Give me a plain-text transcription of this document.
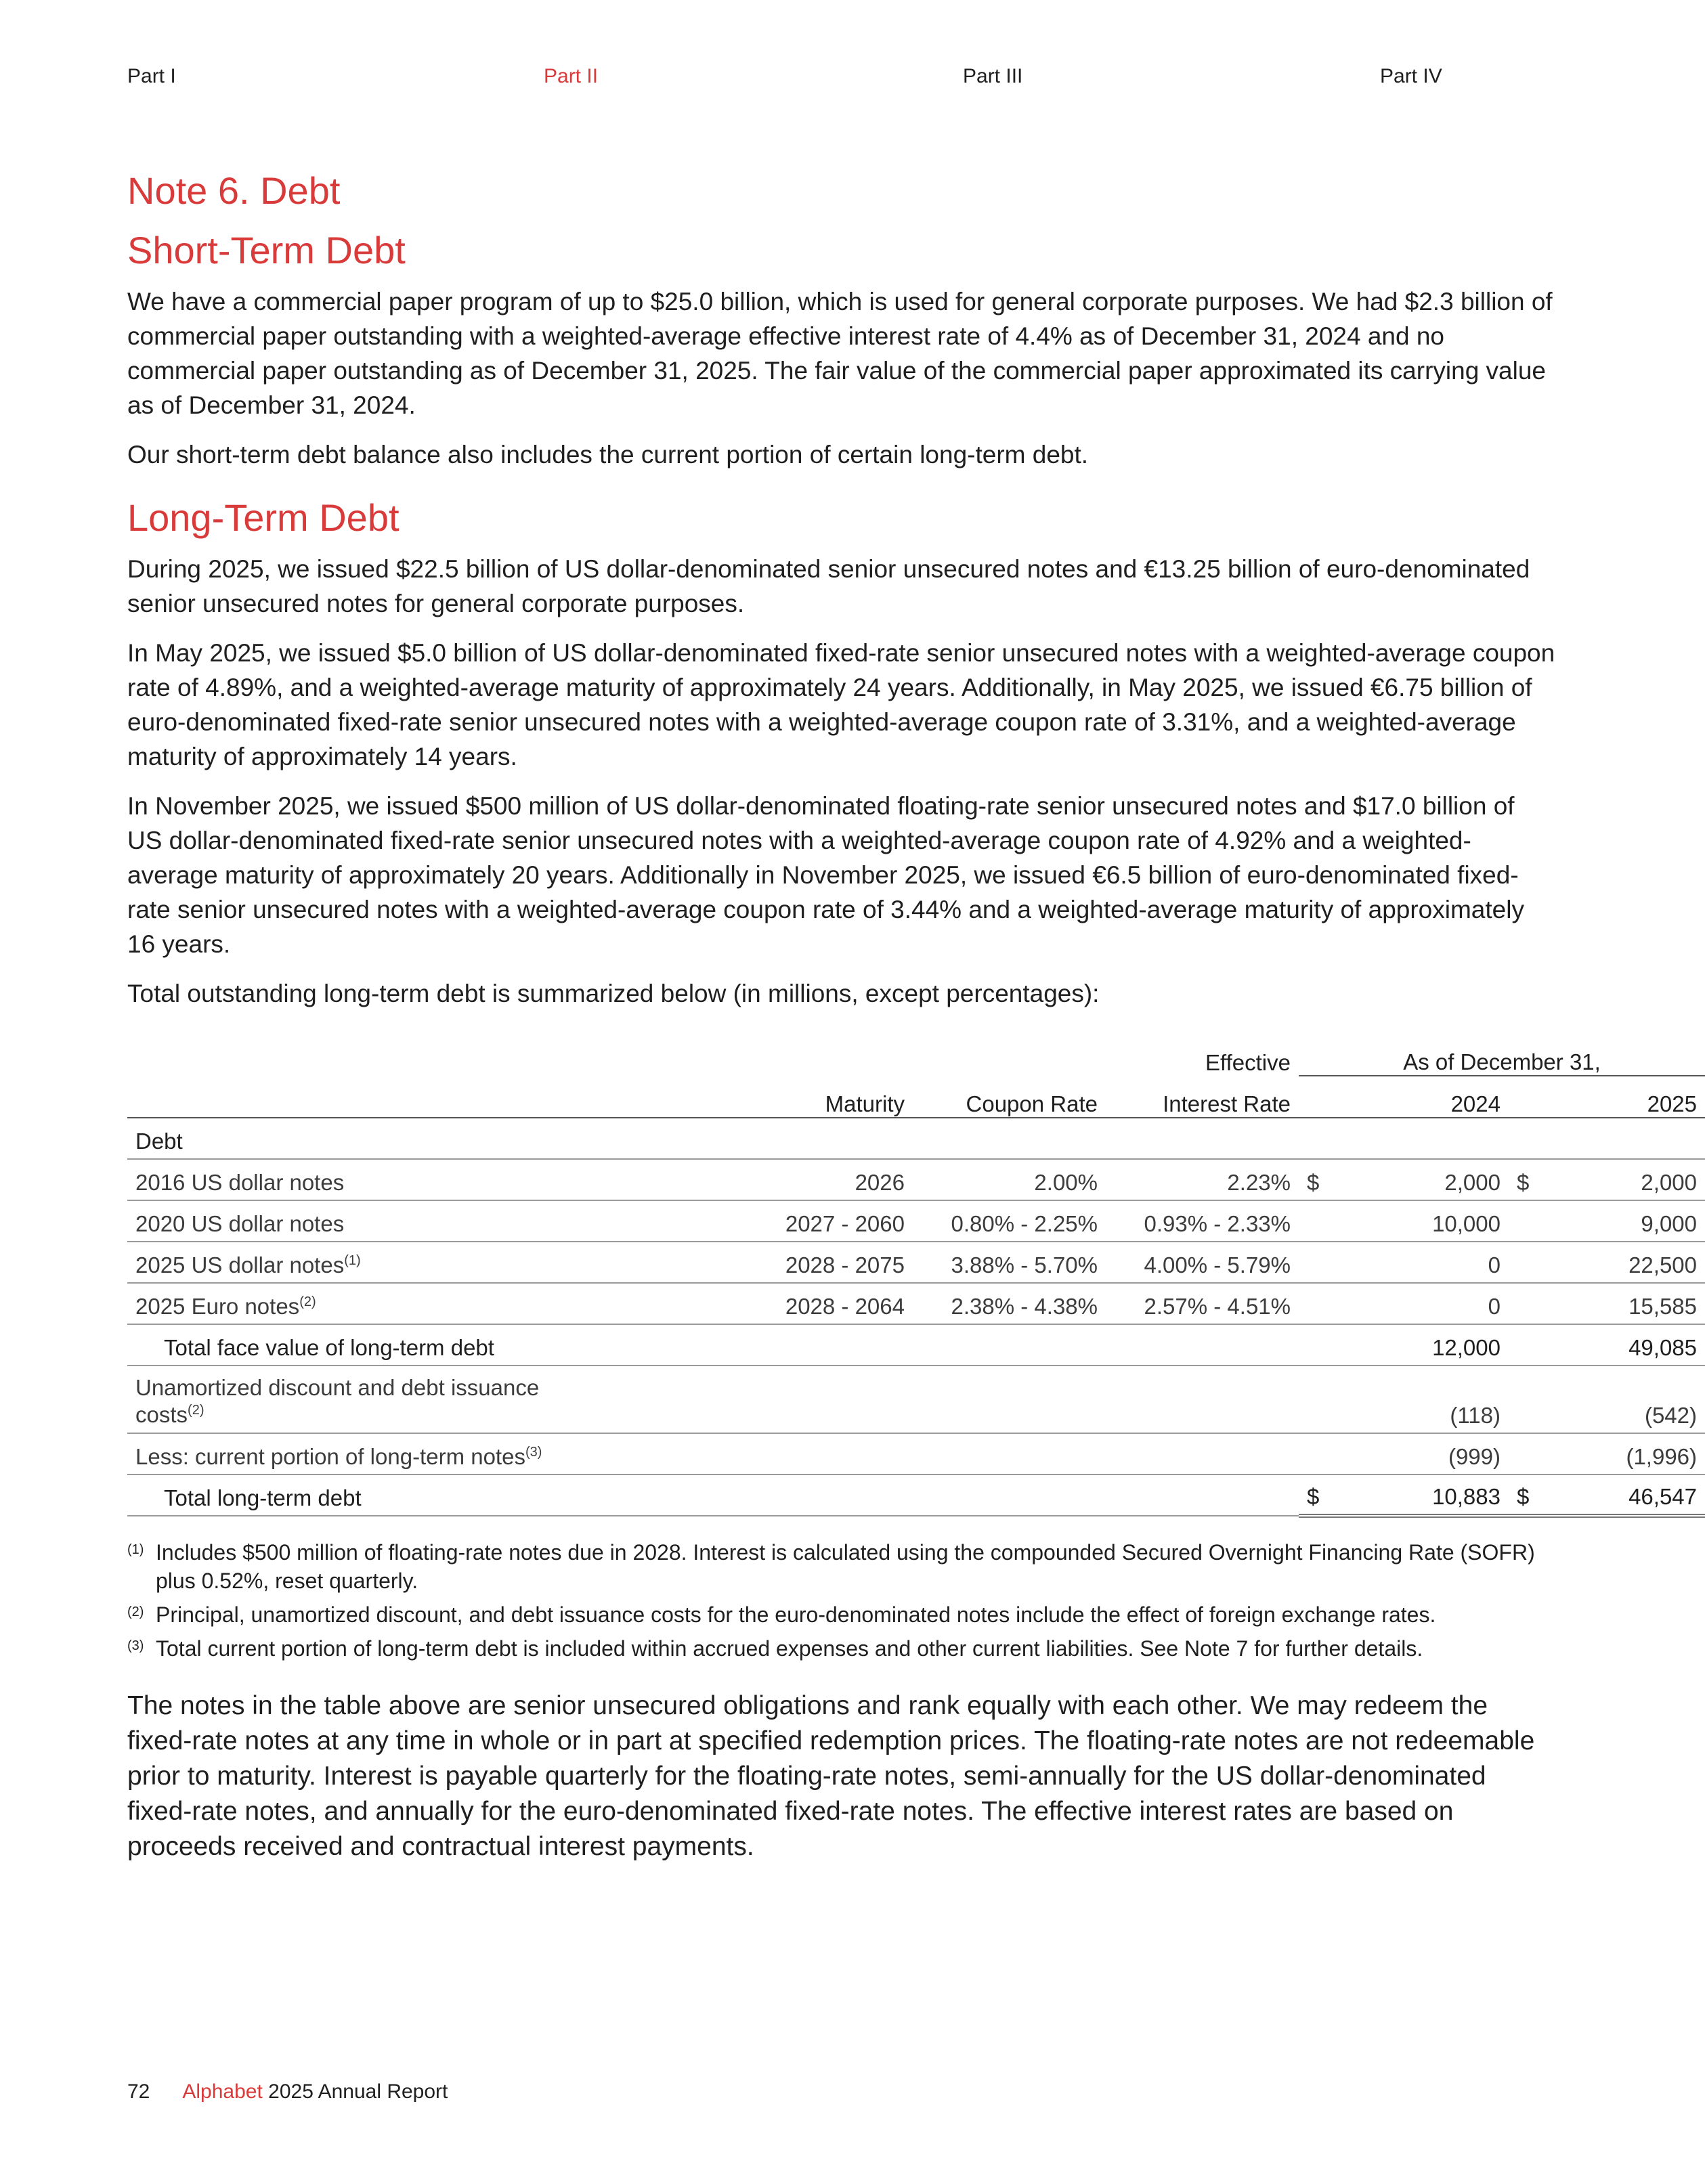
Part I	Part II	Part III	Part IV
Note 6. Debt
Short-Term Debt

We have a commercial paper program of up to $25.0 billion, which is used for general corporate purposes. We had $2.3 billion of commercial paper outstanding with a weighted-average effective interest rate of 4.4% as of December 31, 2024 and no commercial paper outstanding as of December 31, 2025. The fair value of the commercial paper approximated its carrying value as of December 31, 2024.

Our short-term debt balance also includes the current portion of certain long-term debt.

Long-Term Debt

During 2025, we issued $22.5 billion of US dollar-denominated senior unsecured notes and €13.25 billion of euro-denominated senior unsecured notes for general corporate purposes.

In May 2025, we issued $5.0 billion of US dollar-denominated fixed-rate senior unsecured notes with a weighted-average coupon rate of 4.89%, and a weighted-average maturity of approximately 24 years. Additionally, in May 2025, we issued €6.75 billion of euro-denominated fixed-rate senior unsecured notes with a weighted-average coupon rate of 3.31%, and a weighted-average maturity of approximately 14 years.

In November 2025, we issued $500 million of US dollar-denominated floating-rate senior unsecured notes and $17.0 billion of US dollar-denominated fixed-rate senior unsecured notes with a weighted-average coupon rate of 4.92% and a weighted-average maturity of approximately 20 years. Additionally in November 2025, we issued €6.5 billion of euro-denominated fixed-rate senior unsecured notes with a weighted-average coupon rate of 3.44% and a weighted-average maturity of approximately 16 years.

Total outstanding long-term debt is summarized below (in millions, except percentages):

			Effective	As of December 31,			
	Maturity	Coupon Rate	Interest Rate		2024		2025
Debt							
2016 US dollar notes	2026	2.00%	2.23%	$	2,000	$	2,000
2020 US dollar notes	2027 - 2060	0.80% - 2.25%	0.93% - 2.33%		10,000		9,000
2025 US dollar notes$^{(1)}$	2028 - 2075	3.88% - 5.70%	4.00% - 5.79%		0		22,500
2025 Euro notes$^{(2)}$	2028 - 2064	2.38% - 4.38%	2.57% - 4.51%		0		15,585
Total face value of long-term debt					12,000		49,085
Unamortized discount and debt issuance
costs$^{(2)}$					(118)		(542)
Less: current portion of long-term notes$^{(3)}$					(999)		(1,996)
Total long-term debt				$	10,883	$	46,547
(1) Includes $500 million of floating-rate notes due in 2028. Interest is calculated using the compounded Secured Overnight Financing Rate (SOFR) plus 0.52%, reset quarterly.
(2) Principal, unamortized discount, and debt issuance costs for the euro-denominated notes include the effect of foreign exchange rates.
(3) Total current portion of long-term debt is included within accrued expenses and other current liabilities. See Note 7 for further details.

The notes in the table above are senior unsecured obligations and rank equally with each other. We may redeem the fixed-rate notes at any time in whole or in part at specified redemption prices. The floating-rate notes are not redeemable prior to maturity. Interest is payable quarterly for the floating-rate notes, semi-annually for the US dollar-denominated fixed-rate notes, and annually for the euro-denominated fixed-rate notes. The effective interest rates are based on proceeds received and contractual interest payments.

72 Alphabet 2025 Annual Report
